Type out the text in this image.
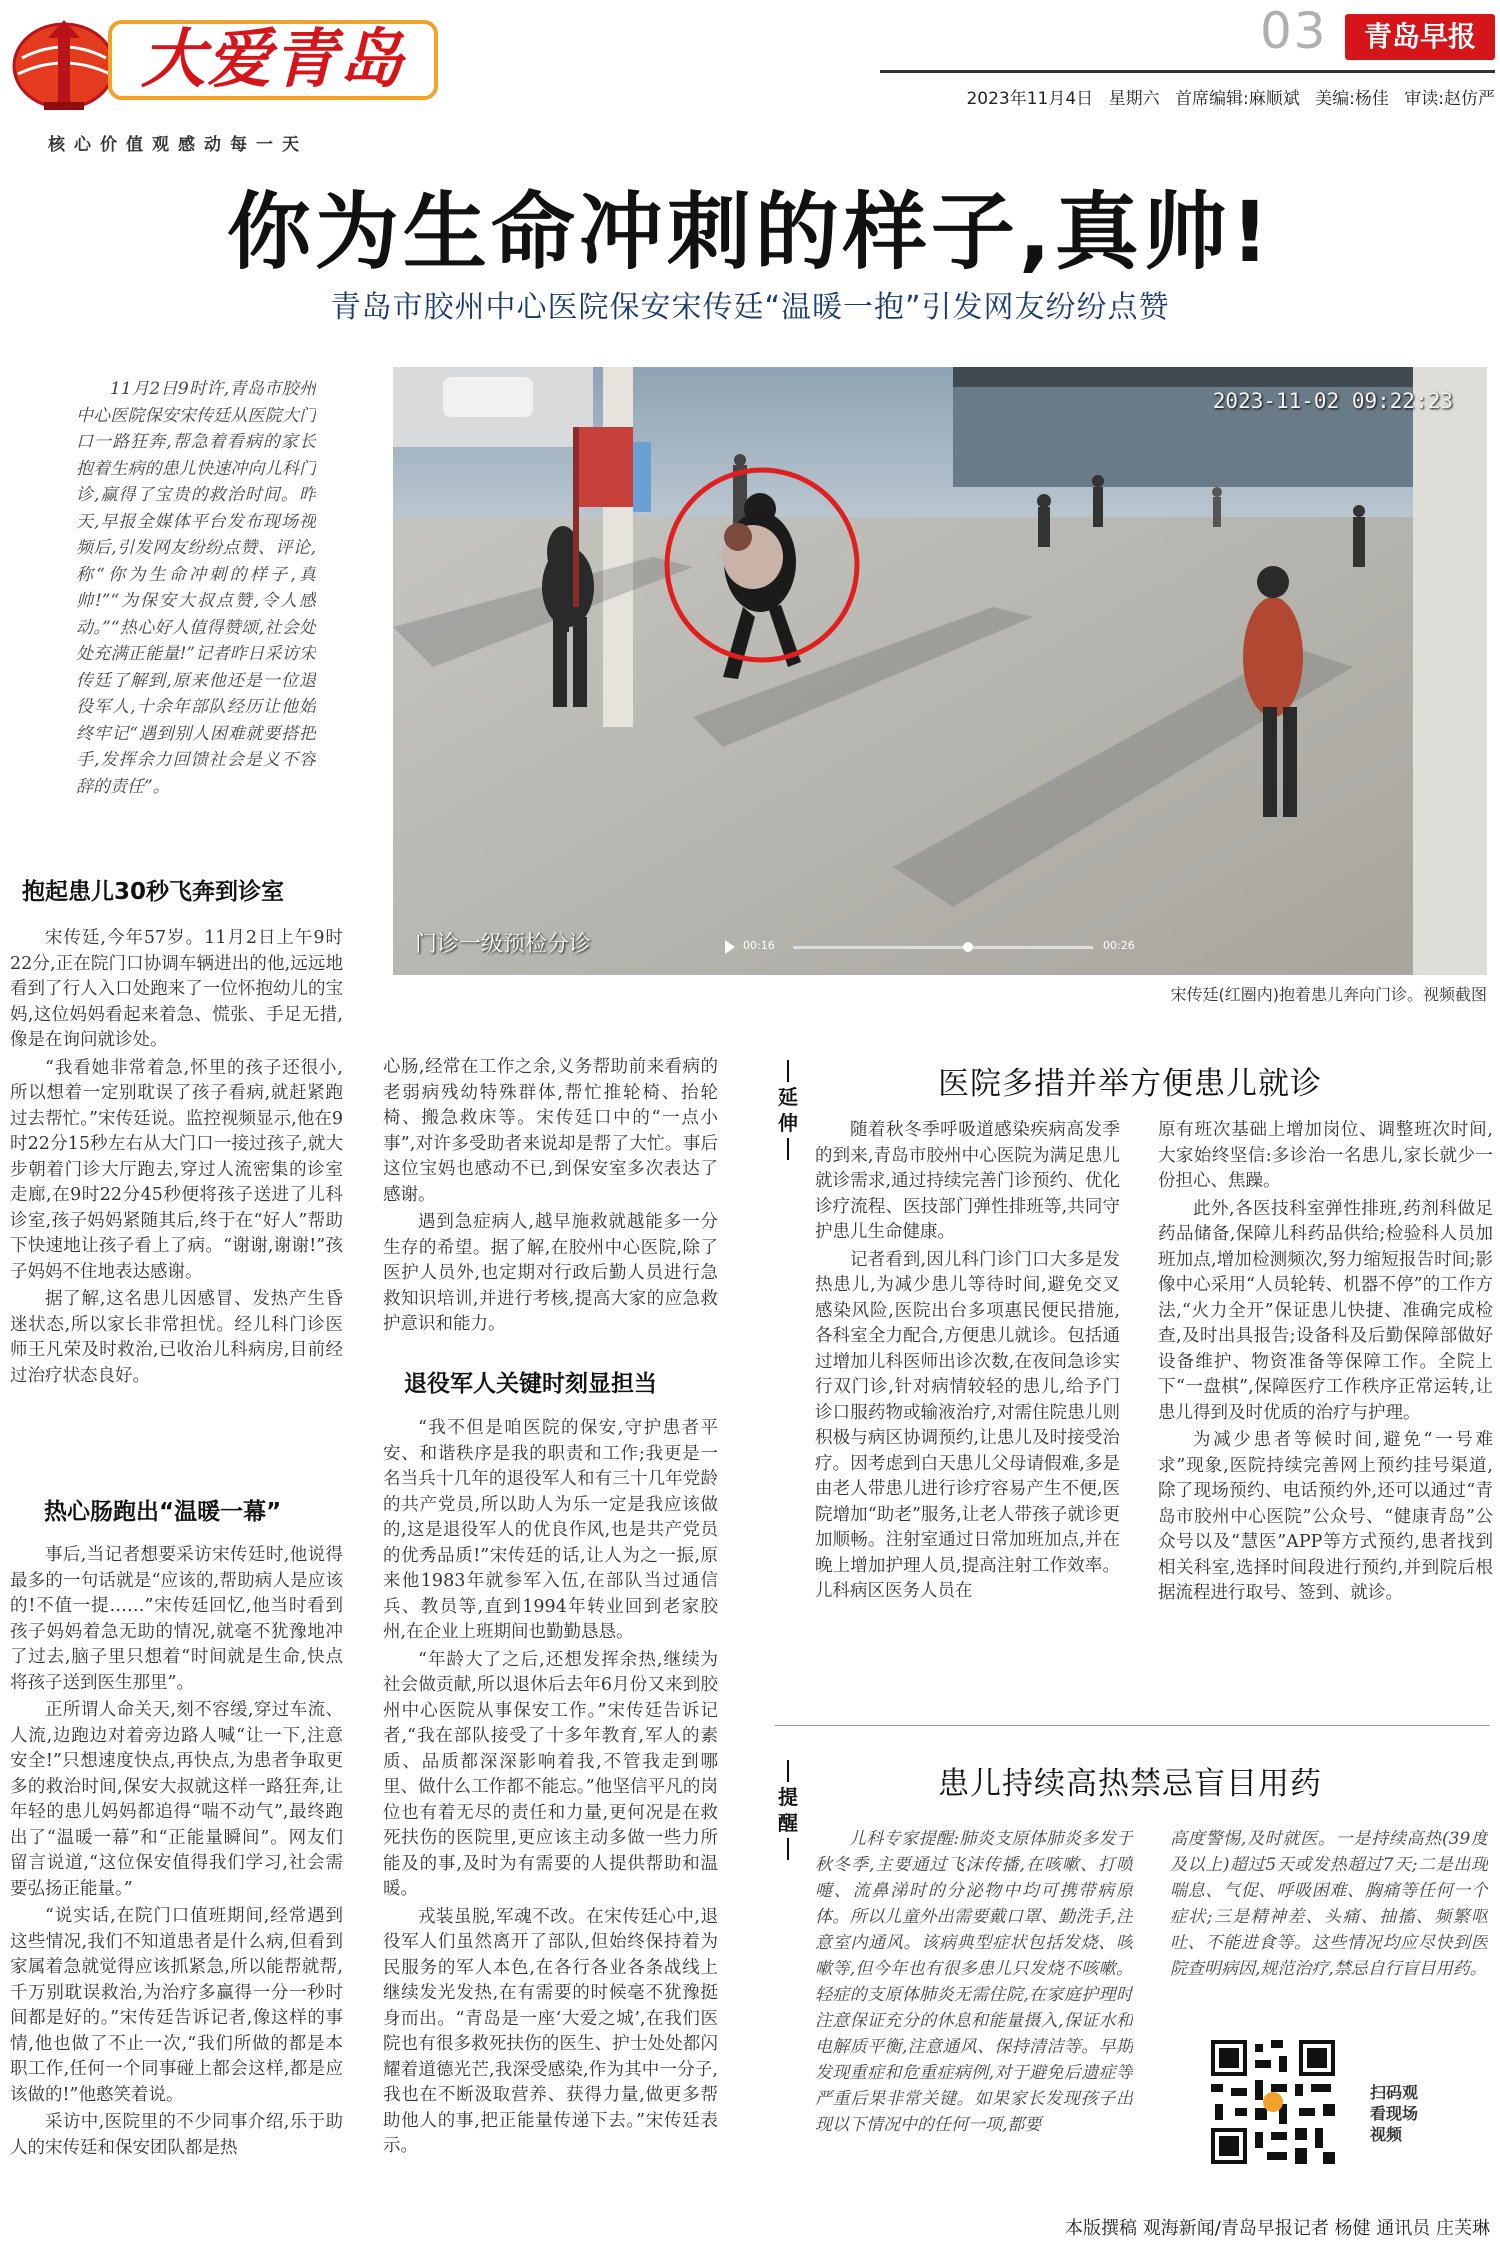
大爱青岛
核心价值观感动每一天
03	青岛早报
2023年11月4日 星期六 首席编辑:麻顺斌 美编:杨佳 审读:赵仿严
你为生命冲刺的样子,真帅!
青岛市胶州中心医院保安宋传廷“温暖一抱”引发网友纷纷点赞

11月2日9时许,青岛市胶州中心医院保安宋传廷从医院大门口一路狂奔,帮急着看病的家长抱着生病的患儿快速冲向儿科门诊,赢得了宝贵的救治时间。昨天,早报全媒体平台发布现场视频后,引发网友纷纷点赞、评论,称“你为生命冲刺的样子,真帅!”“为保安大叔点赞,令人感动。”“热心好人值得赞颂,社会处处充满正能量!”记者昨日采访宋传廷了解到,原来他还是一位退役军人,十余年部队经历让他始终牢记“遇到别人困难就要搭把手,发挥余力回馈社会是义不容辞的责任”。

2023-11-02 09:22:23
门诊一级预检分诊	00:16	00:26
宋传廷(红圈内)抱着患儿奔向门诊。视频截图
抱起患儿30秒飞奔到诊室

宋传廷,今年57岁。11月2日上午9时22分,正在院门口协调车辆进出的他,远远地看到了行人入口处跑来了一位怀抱幼儿的宝妈,这位妈妈看起来着急、慌张、手足无措,像是在询问就诊处。

“我看她非常着急,怀里的孩子还很小,所以想着一定别耽误了孩子看病,就赶紧跑过去帮忙。”宋传廷说。监控视频显示,他在9时22分15秒左右从大门口一接过孩子,就大步朝着门诊大厅跑去,穿过人流密集的诊室走廊,在9时22分45秒便将孩子送进了儿科诊室,孩子妈妈紧随其后,终于在“好人”帮助下快速地让孩子看上了病。“谢谢,谢谢!”孩子妈妈不住地表达感谢。

据了解,这名患儿因感冒、发热产生昏迷状态,所以家长非常担忧。经儿科门诊医师王凡荣及时救治,已收治儿科病房,目前经过治疗状态良好。

热心肠跑出“温暖一幕”

事后,当记者想要采访宋传廷时,他说得最多的一句话就是“应该的,帮助病人是应该的!不值一提……”宋传廷回忆,他当时看到孩子妈妈着急无助的情况,就毫不犹豫地冲了过去,脑子里只想着“时间就是生命,快点将孩子送到医生那里”。

正所谓人命关天,刻不容缓,穿过车流、人流,边跑边对着旁边路人喊“让一下,注意安全!”只想速度快点,再快点,为患者争取更多的救治时间,保安大叔就这样一路狂奔,让年轻的患儿妈妈都追得“喘不动气”,最终跑出了“温暖一幕”和“正能量瞬间”。网友们留言说道,“这位保安值得我们学习,社会需要弘扬正能量。”

“说实话,在院门口值班期间,经常遇到这些情况,我们不知道患者是什么病,但看到家属着急就觉得应该抓紧急,所以能帮就帮,千万别耽误救治,为治疗多赢得一分一秒时间都是好的。”宋传廷告诉记者,像这样的事情,他也做了不止一次,“我们所做的都是本职工作,任何一个同事碰上都会这样,都是应该做的!”他憨笑着说。

采访中,医院里的不少同事介绍,乐于助人的宋传廷和保安团队都是热

心肠,经常在工作之余,义务帮助前来看病的老弱病残幼特殊群体,帮忙推轮椅、抬轮椅、搬急救床等。宋传廷口中的“一点小事”,对许多受助者来说却是帮了大忙。事后这位宝妈也感动不已,到保安室多次表达了感谢。

遇到急症病人,越早施救就越能多一分生存的希望。据了解,在胶州中心医院,除了医护人员外,也定期对行政后勤人员进行急救知识培训,并进行考核,提高大家的应急救护意识和能力。

退役军人关键时刻显担当

“我不但是咱医院的保安,守护患者平安、和谐秩序是我的职责和工作;我更是一名当兵十几年的退役军人和有三十几年党龄的共产党员,所以助人为乐一定是我应该做的,这是退役军人的优良作风,也是共产党员的优秀品质!”宋传廷的话,让人为之一振,原来他1983年就参军入伍,在部队当过通信兵、教员等,直到1994年转业回到老家胶州,在企业上班期间也勤勤恳恳。

“年龄大了之后,还想发挥余热,继续为社会做贡献,所以退休后去年6月份又来到胶州中心医院从事保安工作。”宋传廷告诉记者,“我在部队接受了十多年教育,军人的素质、品质都深深影响着我,不管我走到哪里、做什么工作都不能忘。”他坚信平凡的岗位也有着无尽的责任和力量,更何况是在救死扶伤的医院里,更应该主动多做一些力所能及的事,及时为有需要的人提供帮助和温暖。

戎装虽脱,军魂不改。在宋传廷心中,退役军人们虽然离开了部队,但始终保持着为民服务的军人本色,在各行各业各条战线上继续发光发热,在有需要的时候毫不犹豫挺身而出。“青岛是一座‘大爱之城’,在我们医院也有很多救死扶伤的医生、护士处处都闪耀着道德光芒,我深受感染,作为其中一分子,我也在不断汲取营养、获得力量,做更多帮助他人的事,把正能量传递下去。”宋传廷表示。

延伸
医院多措并举方便患儿就诊

随着秋冬季呼吸道感染疾病高发季的到来,青岛市胶州中心医院为满足患儿就诊需求,通过持续完善门诊预约、优化诊疗流程、医技部门弹性排班等,共同守护患儿生命健康。

记者看到,因儿科门诊门口大多是发热患儿,为减少患儿等待时间,避免交叉感染风险,医院出台多项惠民便民措施,各科室全力配合,方便患儿就诊。包括通过增加儿科医师出诊次数,在夜间急诊实行双门诊,针对病情较轻的患儿,给予门诊口服药物或输液治疗,对需住院患儿则积极与病区协调预约,让患儿及时接受治疗。因考虑到白天患儿父母请假难,多是由老人带患儿进行诊疗容易产生不便,医院增加“助老”服务,让老人带孩子就诊更加顺畅。注射室通过日常加班加点,并在晚上增加护理人员,提高注射工作效率。儿科病区医务人员在

原有班次基础上增加岗位、调整班次时间,大家始终坚信:多诊治一名患儿,家长就少一份担心、焦躁。

此外,各医技科室弹性排班,药剂科做足药品储备,保障儿科药品供给;检验科人员加班加点,增加检测频次,努力缩短报告时间;影像中心采用“人员轮转、机器不停”的工作方法,“火力全开”保证患儿快捷、准确完成检查,及时出具报告;设备科及后勤保障部做好设备维护、物资准备等保障工作。全院上下“一盘棋”,保障医疗工作秩序正常运转,让患儿得到及时优质的治疗与护理。

为减少患者等候时间,避免“一号难求”现象,医院持续完善网上预约挂号渠道,除了现场预约、电话预约外,还可以通过“青岛市胶州中心医院”公众号、“健康青岛”公众号以及“慧医”APP等方式预约,患者找到相关科室,选择时间段进行预约,并到院后根据流程进行取号、签到、就诊。

提醒
患儿持续高热禁忌盲目用药

儿科专家提醒:肺炎支原体肺炎多发于秋冬季,主要通过飞沫传播,在咳嗽、打喷嚏、流鼻涕时的分泌物中均可携带病原体。所以儿童外出需要戴口罩、勤洗手,注意室内通风。该病典型症状包括发烧、咳嗽等,但今年也有很多患儿只发烧不咳嗽。轻症的支原体肺炎无需住院,在家庭护理时注意保证充分的休息和能量摄入,保证水和电解质平衡,注意通风、保持清洁等。早期发现重症和危重症病例,对于避免后遗症等严重后果非常关键。如果家长发现孩子出现以下情况中的任何一项,都要

高度警惕,及时就医。一是持续高热(39度及以上)超过5天或发热超过7天;二是出现喘息、气促、呼吸困难、胸痛等任何一个症状;三是精神差、头痛、抽搐、频繁呕吐、不能进食等。这些情况均应尽快到医院查明病因,规范治疗,禁忌自行盲目用药。

扫码观看现场视频
本版撰稿 观海新闻/青岛早报记者 杨健 通讯员 庄芙琳
